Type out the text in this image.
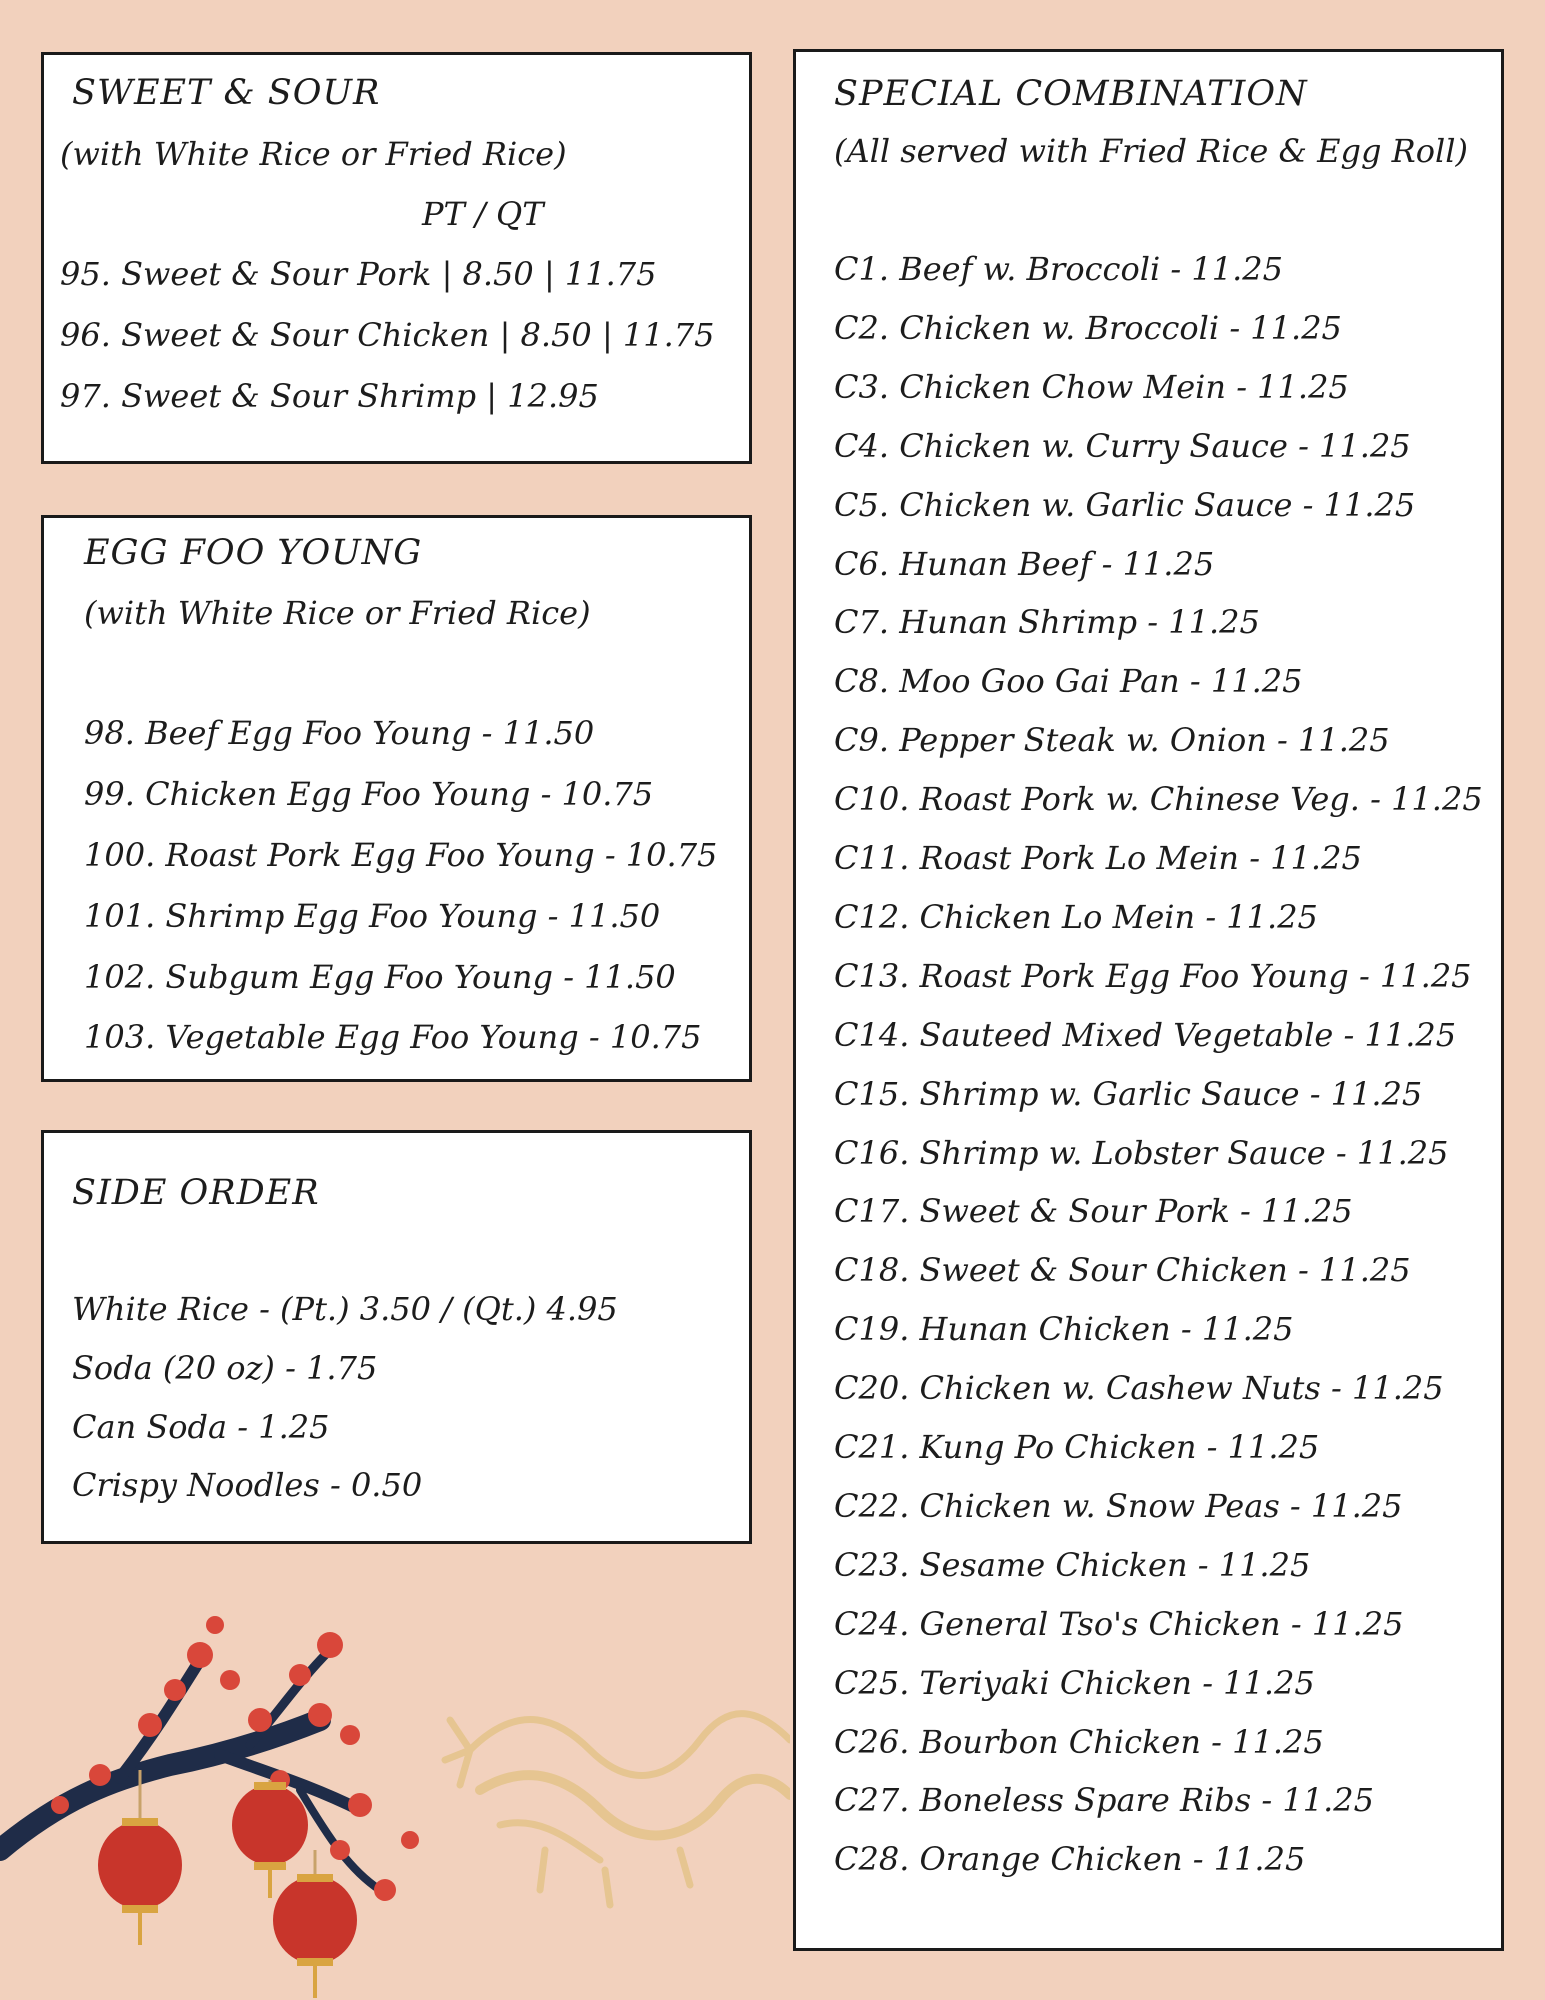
SWEET & SOUR
(with White Rice or Fried Rice)
PT / QT
95. Sweet & Sour Pork | 8.50 | 11.75
96. Sweet & Sour Chicken | 8.50 | 11.75
97. Sweet & Sour Shrimp | 12.95
EGG FOO YOUNG
(with White Rice or Fried Rice)
98. Beef Egg Foo Young - 11.50
99. Chicken Egg Foo Young - 10.75
100. Roast Pork Egg Foo Young - 10.75
101. Shrimp Egg Foo Young - 11.50
102. Subgum Egg Foo Young - 11.50
103. Vegetable Egg Foo Young - 10.75
SIDE ORDER
White Rice - (Pt.) 3.50 / (Qt.) 4.95
Soda (20 oz) - 1.75
Can Soda - 1.25
Crispy Noodles - 0.50
SPECIAL COMBINATION
(All served with Fried Rice & Egg Roll)
C1. Beef w. Broccoli - 11.25
C2. Chicken w. Broccoli - 11.25
C3. Chicken Chow Mein - 11.25
C4. Chicken w. Curry Sauce - 11.25
C5. Chicken w. Garlic Sauce - 11.25
C6. Hunan Beef - 11.25
C7. Hunan Shrimp - 11.25
C8. Moo Goo Gai Pan - 11.25
C9. Pepper Steak w. Onion - 11.25
C10. Roast Pork w. Chinese Veg. - 11.25
C11. Roast Pork Lo Mein - 11.25
C12. Chicken Lo Mein - 11.25
C13. Roast Pork Egg Foo Young - 11.25
C14. Sauteed Mixed Vegetable - 11.25
C15. Shrimp w. Garlic Sauce - 11.25
C16. Shrimp w. Lobster Sauce - 11.25
C17. Sweet & Sour Pork - 11.25
C18. Sweet & Sour Chicken - 11.25
C19. Hunan Chicken - 11.25
C20. Chicken w. Cashew Nuts - 11.25
C21. Kung Po Chicken - 11.25
C22. Chicken w. Snow Peas - 11.25
C23. Sesame Chicken - 11.25
C24. General Tso's Chicken - 11.25
C25. Teriyaki Chicken - 11.25
C26. Bourbon Chicken - 11.25
C27. Boneless Spare Ribs - 11.25
C28. Orange Chicken - 11.25
